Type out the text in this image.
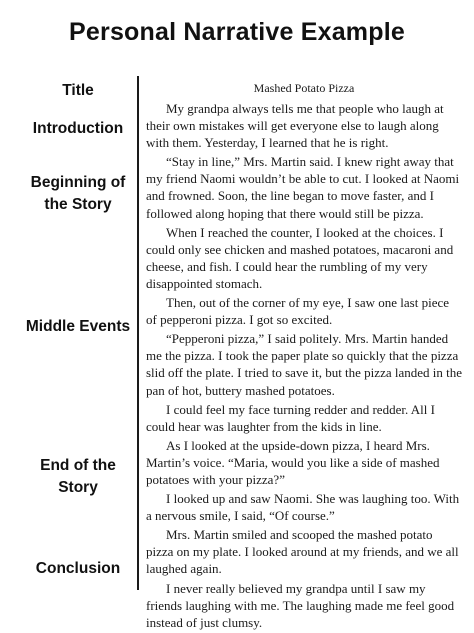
Personal Narrative Example
Title
Introduction
Beginning of
the Story
Middle Events
End of the
Story
Conclusion
Mashed Potato Pizza

My grandpa always tells me that people who laugh at their own mistakes will get everyone else to laugh along with them. Yesterday, I learned that he is right.

“Stay in line,” Mrs. Martin said. I knew right away that my friend Naomi wouldn’t be able to cut. I looked at Naomi and frowned. Soon, the line began to move faster, and I followed along hoping that there would still be pizza.

When I reached the counter, I looked at the choices. I could only see chicken and mashed potatoes, macaroni and cheese, and fish. I could hear the rumbling of my very disappointed stomach.

Then, out of the corner of my eye, I saw one last piece of pepperoni pizza. I got so excited.

“Pepperoni pizza,” I said politely. Mrs. Martin handed me the pizza. I took the paper plate so quickly that the pizza slid off the plate. I tried to save it, but the pizza landed in the pan of hot, buttery mashed potatoes.

I could feel my face turning redder and redder. All I could hear was laughter from the kids in line.

As I looked at the upside-down pizza, I heard Mrs. Martin’s voice. “Maria, would you like a side of mashed potatoes with your pizza?”

I looked up and saw Naomi. She was laughing too. With a nervous smile, I said, “Of course.”

Mrs. Martin smiled and scooped the mashed potato pizza on my plate. I looked around at my friends, and we all laughed again.

I never really believed my grandpa until I saw my friends laughing with me. The laughing made me feel good instead of just clumsy.
